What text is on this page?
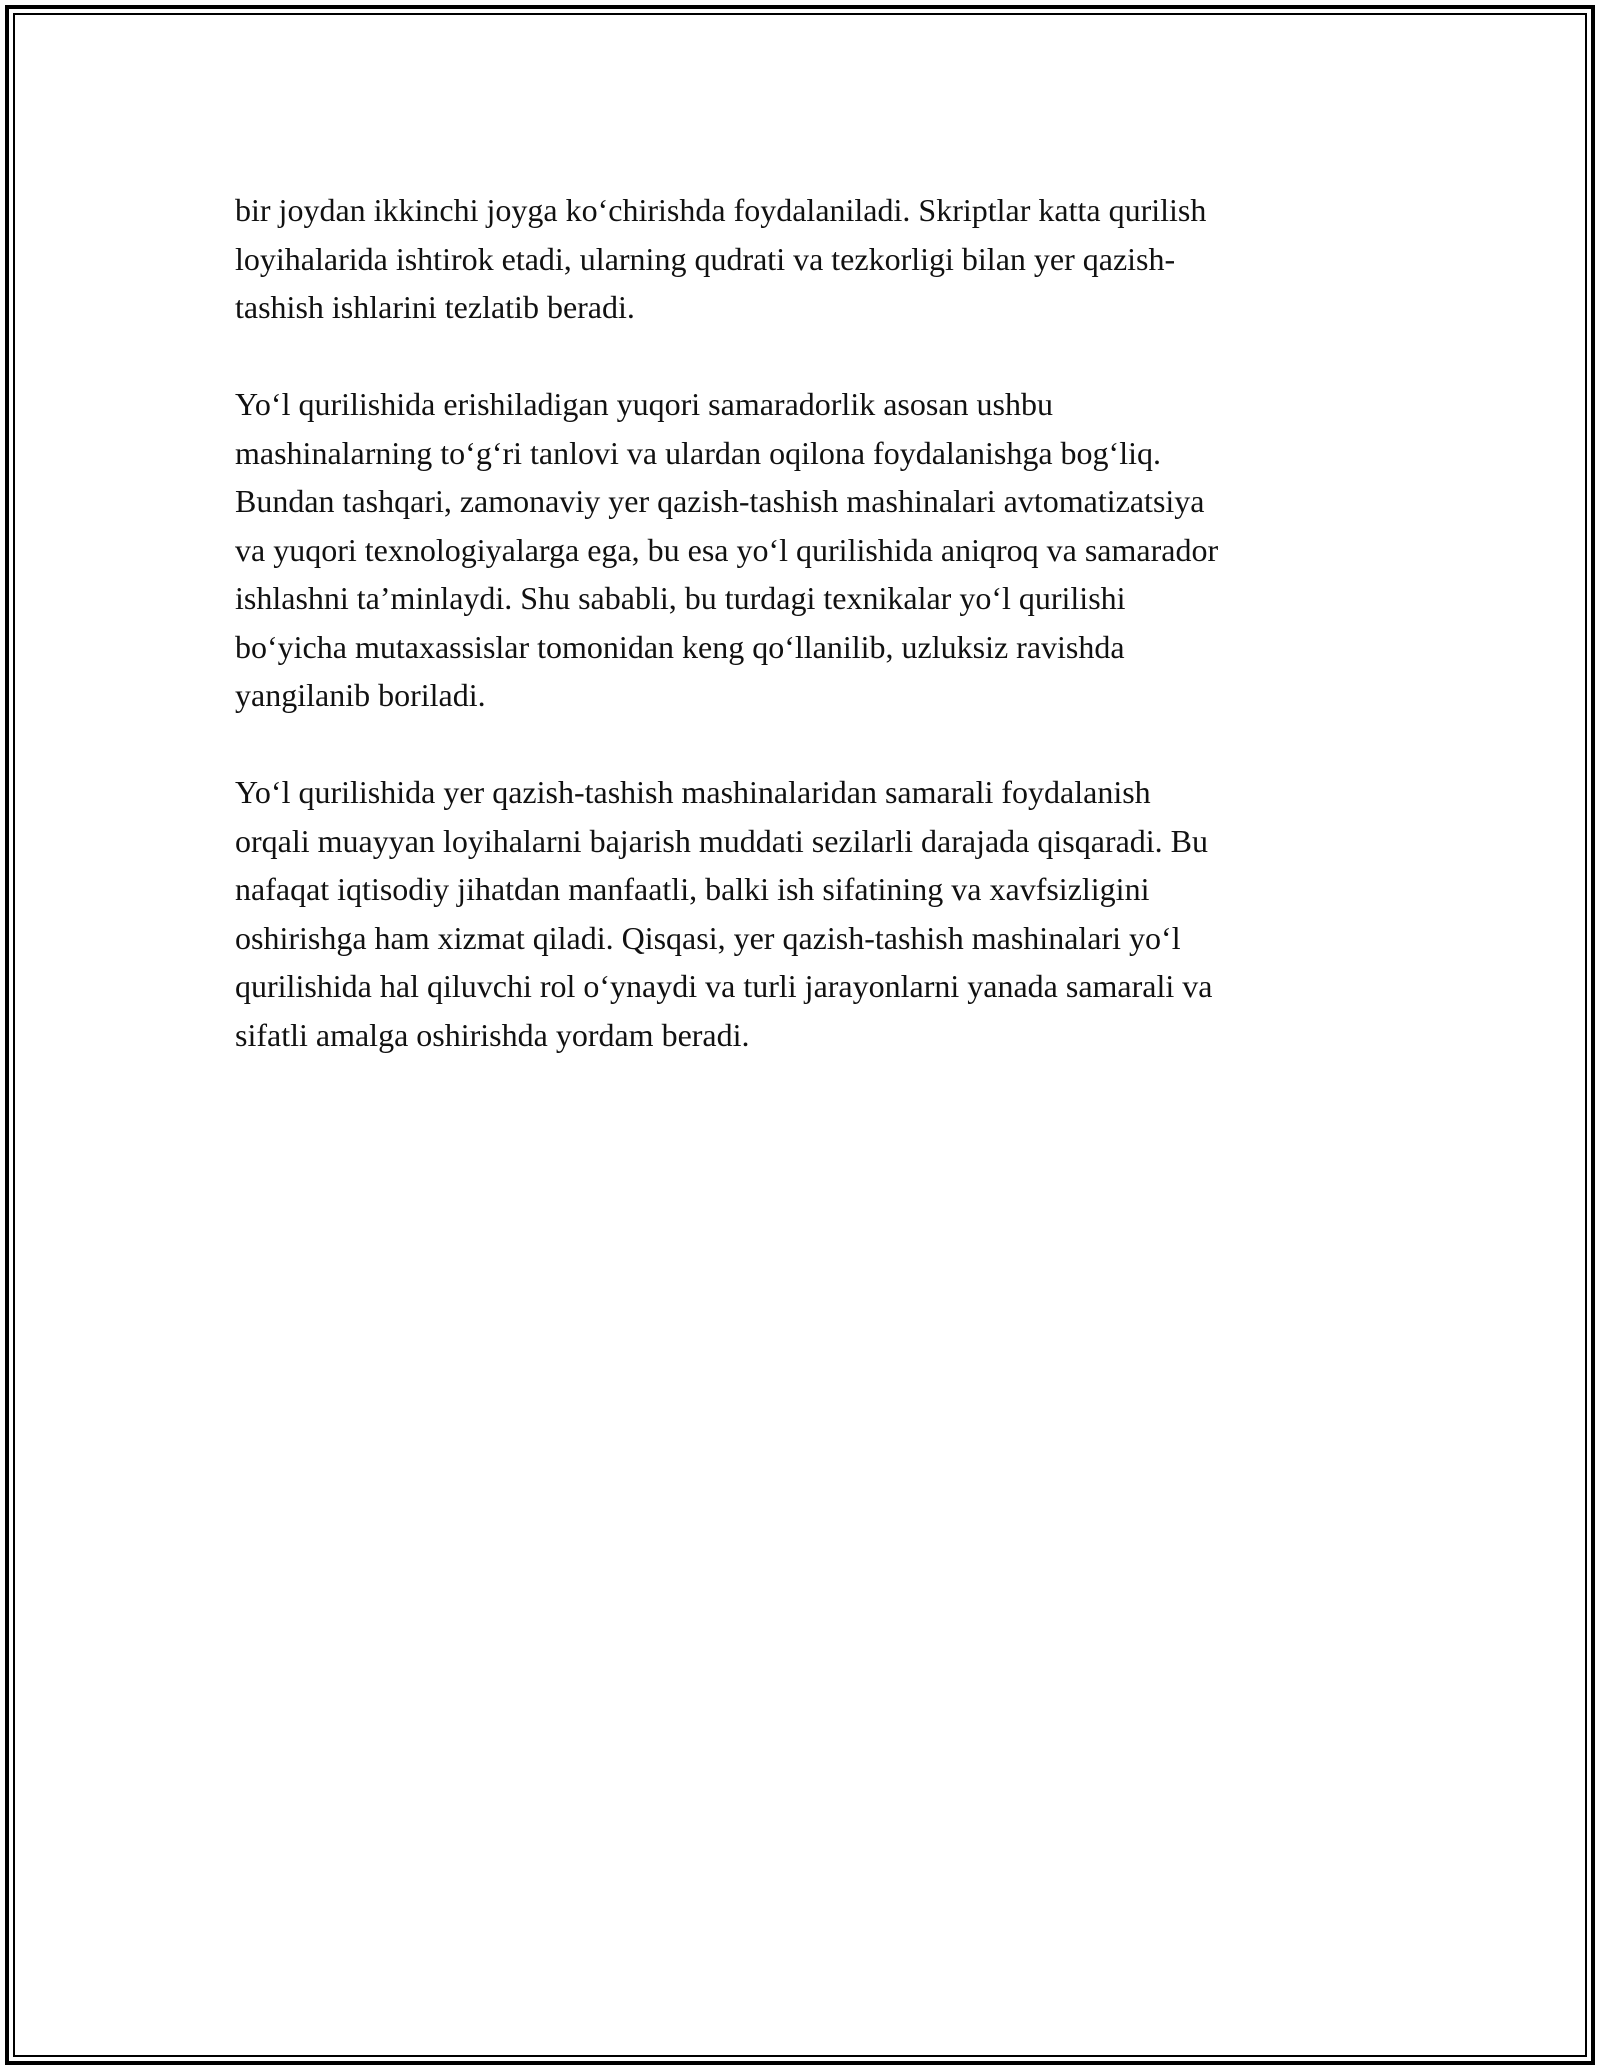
bir joydan ikkinchi joyga ko‘chirishda foydalaniladi. Skriptlar katta qurilish
loyihalarida ishtirok etadi, ularning qudrati va tezkorligi bilan yer qazish-
tashish ishlarini tezlatib beradi.

Yo‘l qurilishida erishiladigan yuqori samaradorlik asosan ushbu
mashinalarning to‘g‘ri tanlovi va ulardan oqilona foydalanishga bog‘liq.
Bundan tashqari, zamonaviy yer qazish-tashish mashinalari avtomatizatsiya
va yuqori texnologiyalarga ega, bu esa yo‘l qurilishida aniqroq va samarador
ishlashni ta’minlaydi. Shu sababli, bu turdagi texnikalar yo‘l qurilishi
bo‘yicha mutaxassislar tomonidan keng qo‘llanilib, uzluksiz ravishda
yangilanib boriladi.

Yo‘l qurilishida yer qazish-tashish mashinalaridan samarali foydalanish
orqali muayyan loyihalarni bajarish muddati sezilarli darajada qisqaradi. Bu
nafaqat iqtisodiy jihatdan manfaatli, balki ish sifatining va xavfsizligini
oshirishga ham xizmat qiladi. Qisqasi, yer qazish-tashish mashinalari yo‘l
qurilishida hal qiluvchi rol o‘ynaydi va turli jarayonlarni yanada samarali va
sifatli amalga oshirishda yordam beradi.
